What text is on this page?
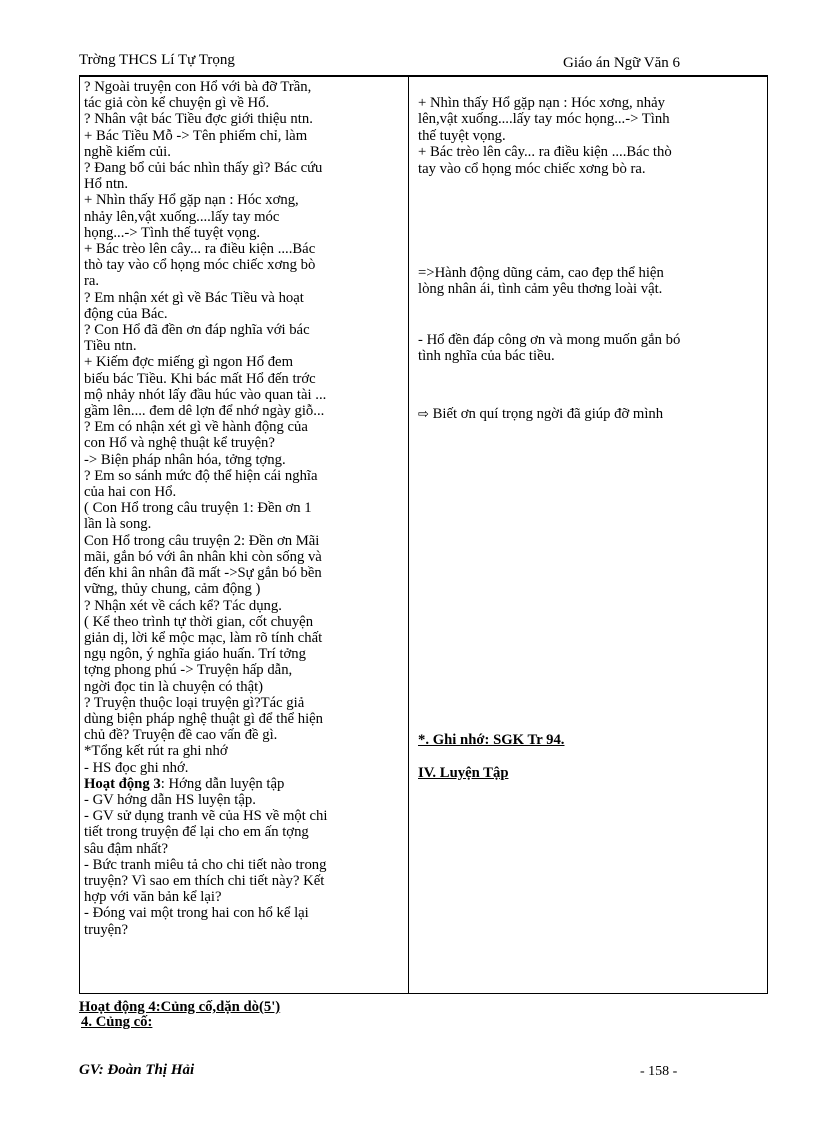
Trờng THCS Lí Tự Trọng	Giáo án Ngữ Văn 6
? Ngoài truyện con Hổ với bà đỡ Trần,
tác giả còn kể chuyện gì về Hổ.
? Nhân vật bác Tiều đợc giới thiệu ntn.
+ Bác Tiều Mỗ -> Tên phiếm chỉ, làm
nghề kiếm củi.
? Đang bổ củi bác nhìn thấy gì? Bác cứu
Hổ ntn.
+ Nhìn thấy Hổ gặp nạn : Hóc xơng,
nhảy lên,vật xuống....lấy tay móc
họng...-> Tình thế tuyệt vọng.
+ Bác trèo lên cây... ra điều kiện ....Bác
thò tay vào cổ họng móc chiếc xơng bò
ra.
? Em nhận xét gì về Bác Tiều và hoạt
động của Bác.
? Con Hổ đã đền ơn đáp nghĩa với bác
Tiều ntn.
+ Kiếm đợc miếng gì ngon Hổ đem
biếu bác Tiều. Khi bác mất Hổ đến trớc
mộ nhảy nhót lấy đầu húc vào quan tài ...
gầm lên.... đem dê lợn để nhớ ngày giỗ...
? Em có nhận xét gì về hành động của
con Hổ và nghệ thuật kể truyện?
-> Biện pháp nhân hóa, tởng tợng.
? Em so sánh mức độ thể hiện cái nghĩa
của hai con Hổ.
( Con Hổ trong câu truyện 1: Đền ơn 1
lần là song.
Con Hổ trong câu truyện 2: Đền ơn Mãi
mãi, gắn bó với ân nhân khi còn sống và
đến khi ân nhân đã mất ->Sự gắn bó bền
vững, thủy chung, cảm động )
? Nhận xét về cách kể? Tác dụng.
( Kể theo trình tự thời gian, cốt chuyện
giản dị, lời kể mộc mạc, làm rõ tính chất
ngụ ngôn, ý nghĩa giáo huấn. Trí tởng
tợng phong phú -> Truyện hấp dẫn,
ngời đọc tin là chuyện có thật)
? Truyện thuộc loại truyện gì?Tác giả
dùng biện pháp nghệ thuật gì để thể hiện
chủ đề? Truyện đề cao vấn đề gì.
*Tổng kết rút ra ghi nhớ
- HS đọc ghi nhớ.
Hoạt động 3: Hớng dẫn luyện tập
- GV hớng dẫn HS luyện tập.
- GV sử dụng tranh vẽ của HS về một chi
tiết trong truyện để lại cho em ấn tợng
sâu đậm nhất?
- Bức tranh miêu tả cho chi tiết nào trong
truyện? Vì sao em thích chi tiết này? Kết
hợp với văn bản kể lại?
- Đóng vai một trong hai con hổ kể lại
truyện?
+ Nhìn thấy Hổ gặp nạn : Hóc xơng, nhảy
lên,vật xuống....lấy tay móc họng...-> Tình
thế tuyệt vọng.
+ Bác trèo lên cây... ra điều kiện ....Bác thò
tay vào cổ họng móc chiếc xơng bò ra.
=>Hành động dũng cảm, cao đẹp thể hiện
lòng nhân ái, tình cảm yêu thơng loài vật.
- Hổ đền đáp công ơn và mong muốn gắn bó
tình nghĩa của bác tiều.
⇨ Biết ơn quí trọng ngời đã giúp đỡ mình
*. Ghi nhớ: SGK Tr 94.
IV. Luyện Tập
Hoạt động 4:Củng cố,dặn dò(5')
4. Củng cố:
GV: Đoàn Thị Hải	- 158 -
